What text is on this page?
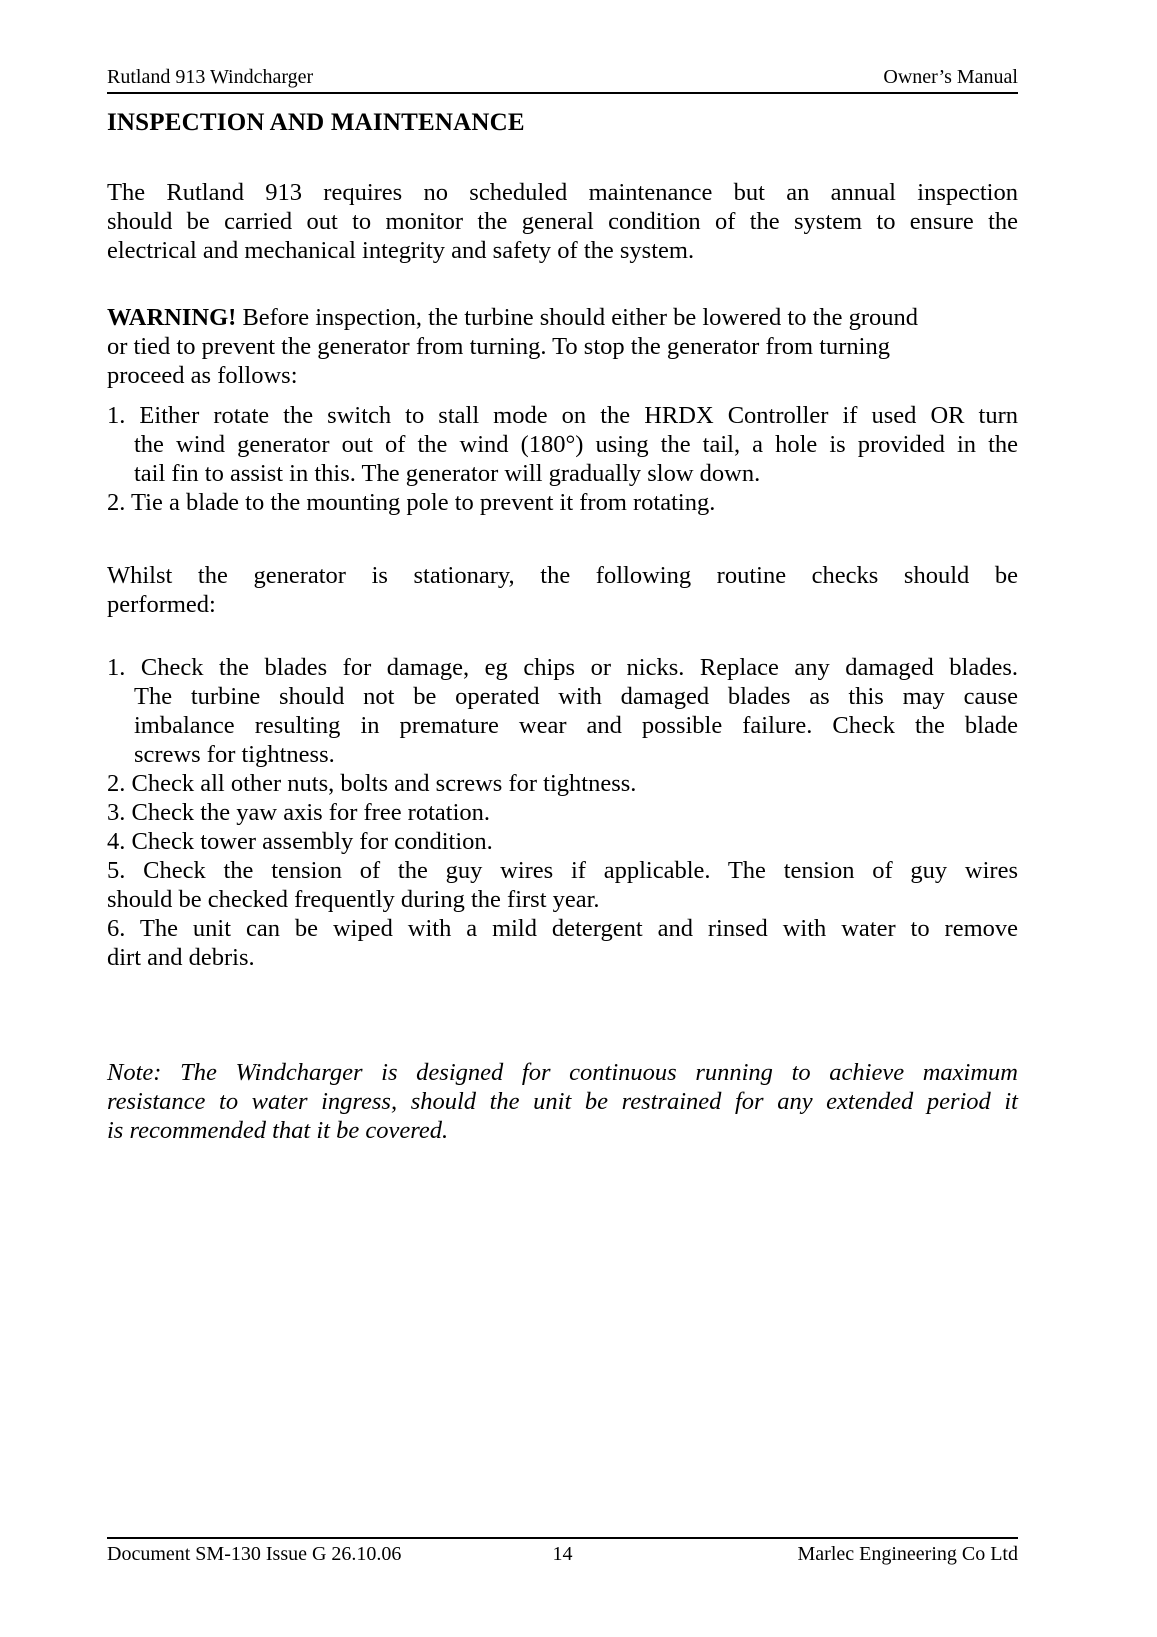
Rutland 913 Windcharger	Owner’s Manual
INSPECTION AND MAINTENANCE
The Rutland 913 requires no scheduled maintenance but an annual inspection
should be carried out to monitor the general condition of the system to ensure the
electrical and mechanical integrity and safety of the system.
WARNING! Before inspection, the turbine should either be lowered to the ground
or tied to prevent the generator from turning. To stop the generator from turning
proceed as follows:
1. Either rotate the switch to stall mode on the HRDX Controller if used OR turn
the wind generator out of the wind (180°) using the tail, a hole is provided in the
tail fin to assist in this. The generator will gradually slow down.
2. Tie a blade to the mounting pole to prevent it from rotating.
Whilst the generator is stationary, the following routine checks should be
performed:
1. Check the blades for damage, eg chips or nicks. Replace any damaged blades.
The turbine should not be operated with damaged blades as this may cause
imbalance resulting in premature wear and possible failure. Check the blade
screws for tightness.
2. Check all other nuts, bolts and screws for tightness.
3. Check the yaw axis for free rotation.
4. Check tower assembly for condition.
5. Check the tension of the guy wires if applicable. The tension of guy wires
should be checked frequently during the first year.
6. The unit can be wiped with a mild detergent and rinsed with water to remove
dirt and debris.
Note: The Windcharger is designed for continuous running to achieve maximum
resistance to water ingress, should the unit be restrained for any extended period it
is recommended that it be covered.
Document SM-130 Issue G 26.10.06	14	Marlec Engineering Co Ltd
